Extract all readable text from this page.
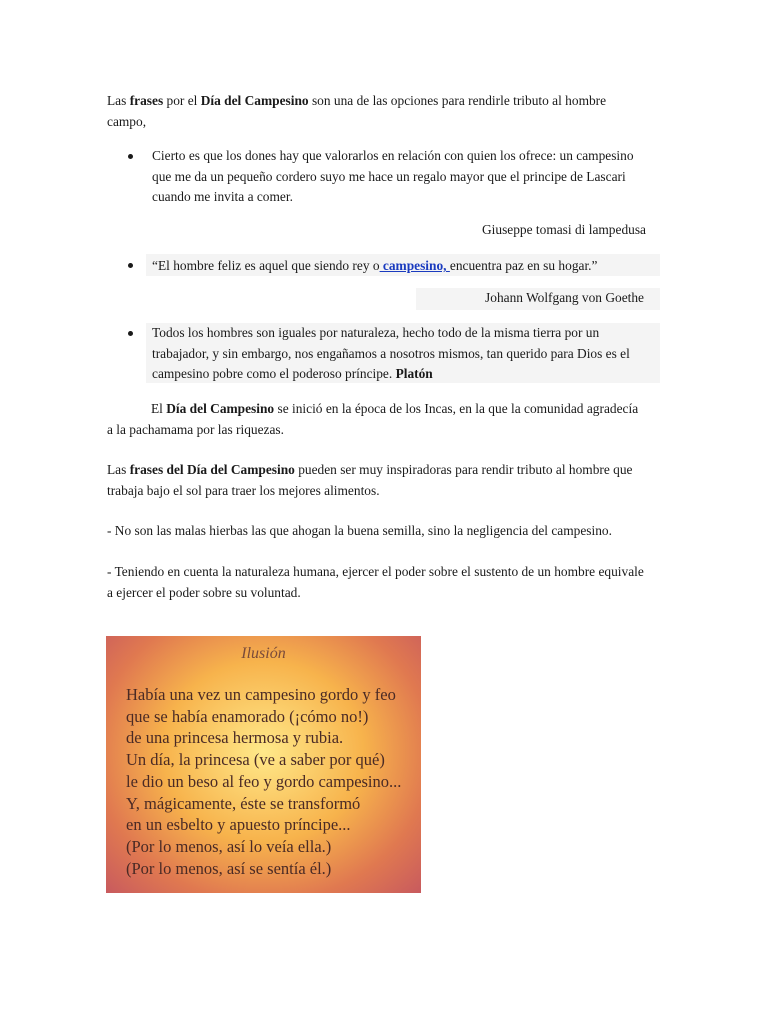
Las frases por el Día del Campesino son una de las opciones para rendirle tributo al hombre campo,

Cierto es que los dones hay que valorarlos en relación con quien los ofrece: un campesino que me da un pequeño cordero suyo me hace un regalo mayor que el principe de Lascari cuando me invita a comer.

Giuseppe tomasi di lampedusa

“El hombre feliz es aquel que siendo rey o campesino, encuentra paz en su hogar.”

Johann Wolfgang von Goethe

Todos los hombres son iguales por naturaleza, hecho todo de la misma tierra por un trabajador, y sin embargo, nos engañamos a nosotros mismos, tan querido para Dios es el campesino pobre como el poderoso príncipe. Platón

El Día del Campesino se inició en la época de los Incas, en la que la comunidad agradecía a la pachamama por las riquezas.

Las frases del Día del Campesino pueden ser muy inspiradoras para rendir tributo al hombre que trabaja bajo el sol para traer los mejores alimentos.

- No son las malas hierbas las que ahogan la buena semilla, sino la negligencia del campesino.

- Teniendo en cuenta la naturaleza humana, ejercer el poder sobre el sustento de un hombre equivale a ejercer el poder sobre su voluntad.

Ilusión
Había una vez un campesino gordo y feo
que se había enamorado (¡cómo no!)
de una princesa hermosa y rubia.
Un día, la princesa (ve a saber por qué)
le dio un beso al feo y gordo campesino...
Y, mágicamente, éste se transformó
en un esbelto y apuesto príncipe...
(Por lo menos, así lo veía ella.)
(Por lo menos, así se sentía él.)
